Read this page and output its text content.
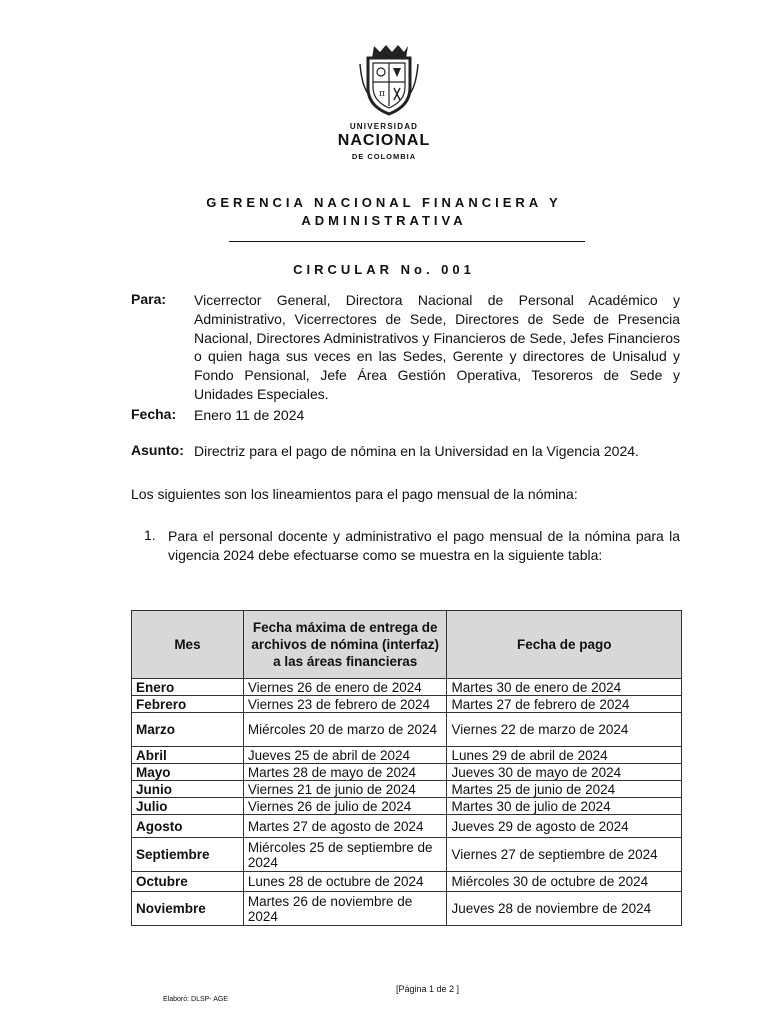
π
UNIVERSIDAD
NACIONAL
DE COLOMBIA
GERENCIA NACIONAL FINANCIERA Y
ADMINISTRATIVA
CIRCULAR No. 001
Para: Vicerrector General, Directora Nacional de Personal Académico y Administrativo, Vicerrectores de Sede, Directores de Sede de Presencia Nacional, Directores Administrativos y Financieros de Sede, Jefes Financieros o quien haga sus veces en las Sedes, Gerente y directores de Unisalud y Fondo Pensional, Jefe Área Gestión Operativa, Tesoreros de Sede y Unidades Especiales.
Fecha: Enero 11 de 2024
Asunto: Directriz para el pago de nómina en la Universidad en la Vigencia 2024.
Los siguientes son los lineamientos para el pago mensual de la nómina:
1. Para el personal docente y administrativo el pago mensual de la nómina para la vigencia 2024 debe efectuarse como se muestra en la siguiente tabla:
Mes	Fecha máxima de entrega de archivos de nómina (interfaz) a las áreas financieras	Fecha de pago
Enero	Viernes 26 de enero de 2024	Martes 30 de enero de 2024
Febrero	Viernes 23 de febrero de 2024	Martes 27 de febrero de 2024
Marzo	Miércoles 20 de marzo de 2024	Viernes 22 de marzo de 2024
Abril	Jueves 25 de abril de 2024	Lunes 29 de abril de 2024
Mayo	Martes 28 de mayo de 2024	Jueves 30 de mayo de 2024
Junio	Viernes 21 de junio de 2024	Martes 25 de junio de 2024
Julio	Viernes 26 de julio de 2024	Martes 30 de julio de 2024
Agosto	Martes 27 de agosto de 2024	Jueves 29 de agosto de 2024
Septiembre	Miércoles 25 de septiembre de 2024	Viernes 27 de septiembre de 2024
Octubre	Lunes 28 de octubre de 2024	Miércoles 30 de octubre de 2024
Noviembre	Martes 26 de noviembre de 2024	Jueves 28 de noviembre de 2024
[Página 1 de 2 ]
Elaboró: DLSP- AGE
